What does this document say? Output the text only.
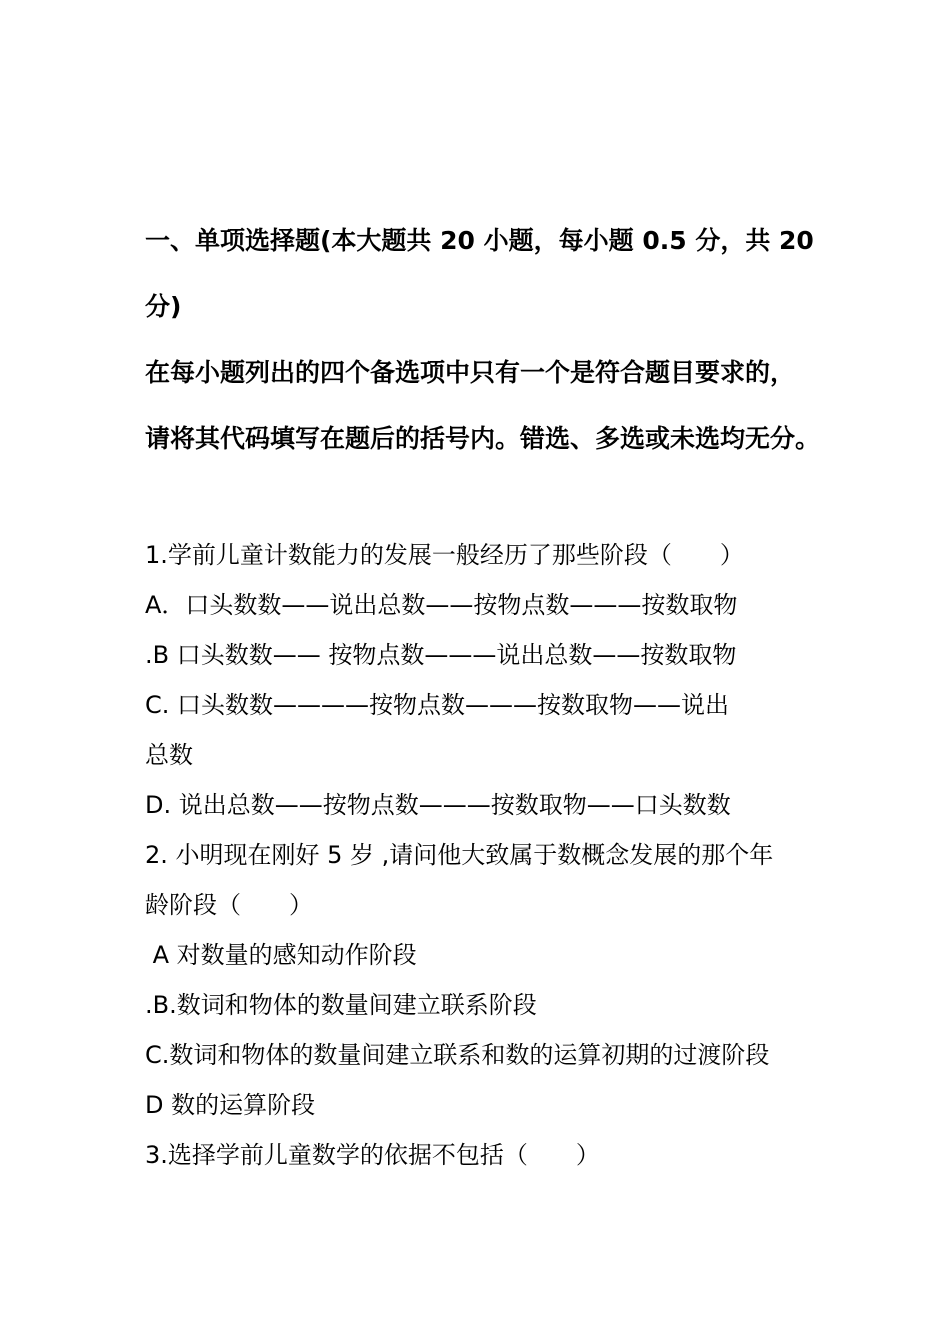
一、单项选择题(本大题共 20 小题，每小题 0.5 分，共 20
分)
在每小题列出的四个备选项中只有一个是符合题目要求的，
请将其代码填写在题后的括号内。错选、多选或未选均无分。
1.学前儿童计数能力的发展一般经历了那些阶段（　　）
A．口头数数——说出总数——按物点数———按数取物
.B 口头数数—— 按物点数———说出总数——按数取物
C. 口头数数————按物点数———按数取物——说出
总数
D. 说出总数——按物点数———按数取物——口头数数
2. 小明现在刚好 5 岁 ,请问他大致属于数概念发展的那个年
龄阶段（　　）
A 对数量的感知动作阶段
.B.数词和物体的数量间建立联系阶段
C.数词和物体的数量间建立联系和数的运算初期的过渡阶段
D 数的运算阶段
3.选择学前儿童数学的依据不包括（　　）
